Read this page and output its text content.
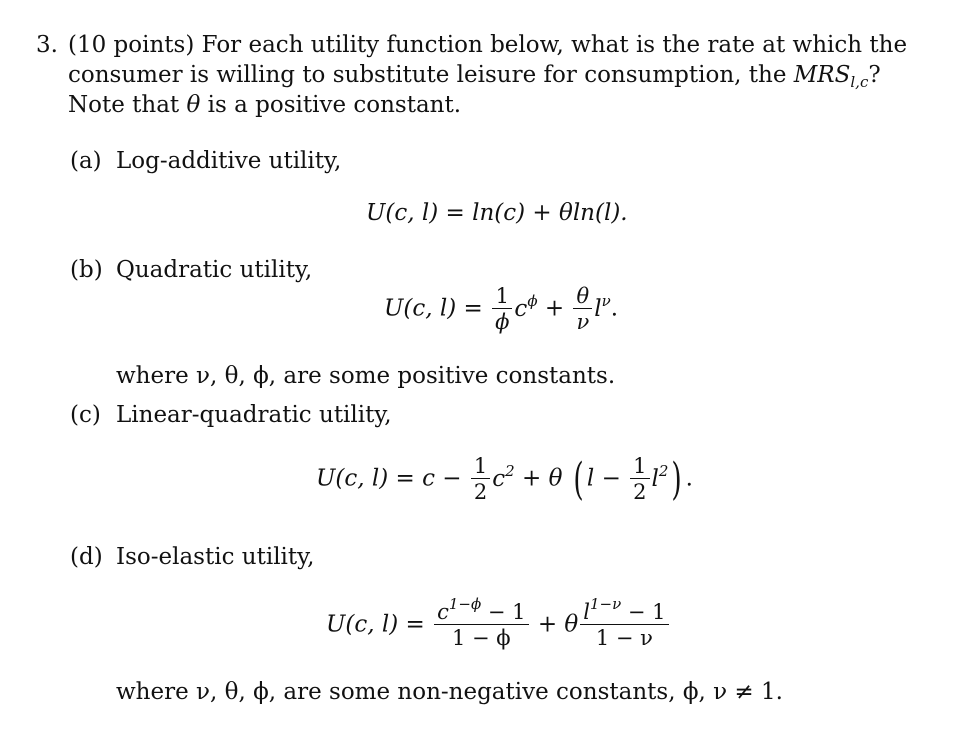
3. (10 points) For each utility function below, what is the rate at which the
consumer is willing to substitute leisure for consumption, the $MRS_{l,c}$?
Note that θ is a positive constant.
(a) Log-additive utility,
U(c, l) = ln(c) + θln(l).
(b) Quadratic utility,
U(c, $l) = \frac{1}{\phi} c^\phi + \frac{\theta}{\nu} l^\nu$.
where ν, θ, ϕ, are some positive constants.
(c) Linear-quadratic utility,
U(c, $l) = c - \frac{1}{2} c^2 + \theta$ ( $l - \frac{1}{2} l^2$) .
(d) Iso-elastic utility,
U(c, $l) = \frac{c^{1-\phi} - 1}{1 - \phi} + \theta \frac{l^{1-\nu} - 1}{1 - \nu}$
where ν, θ, ϕ, are some non-negative constants, ϕ, ν ≠ 1.
